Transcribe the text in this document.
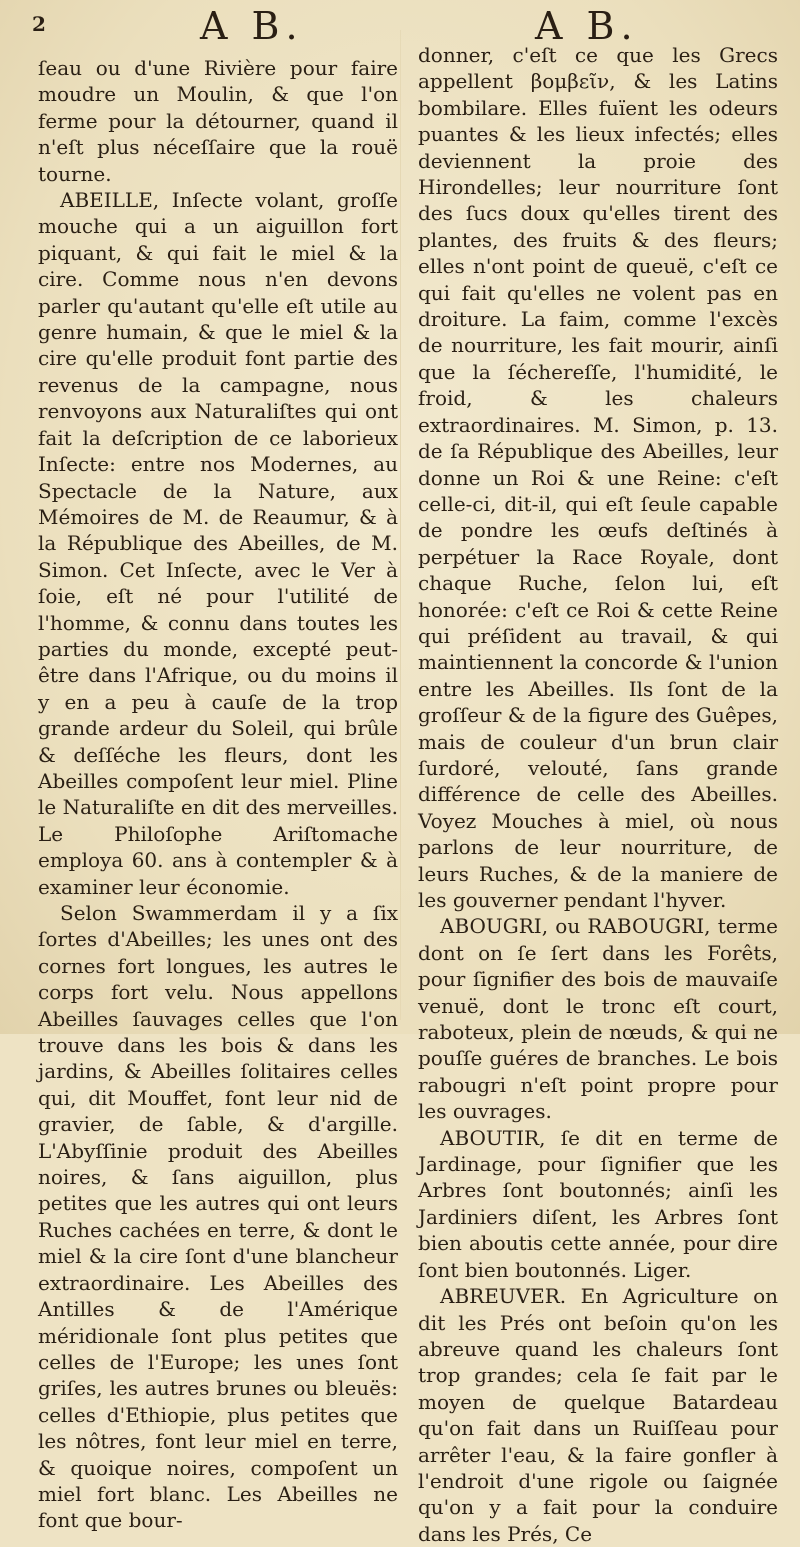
2	A B.	A B.

ſeau ou d'une Rivière pour faire moudre un Moulin, & que l'on ferme pour la détourner, quand il n'eſt plus néceſſaire que la rouë tourne.

ABEILLE, Inſecte volant, groſſe mouche qui a un aiguillon fort piquant, & qui fait le miel & la cire. Comme nous n'en devons parler qu'autant qu'elle eſt utile au genre humain, & que le miel & la cire qu'elle produit font partie des revenus de la campagne, nous renvoyons aux Naturaliſtes qui ont fait la deſcription de ce laborieux Inſecte: entre nos Modernes, au Spectacle de la Nature, aux Mémoires de M. de Reaumur, & à la République des Abeilles, de M. Simon. Cet Inſecte, avec le Ver à ſoie, eſt né pour l'utilité de l'homme, & connu dans toutes les parties du monde, excepté peut-être dans l'Afrique, ou du moins il y en a peu à cauſe de la trop grande ardeur du Soleil, qui brûle & deſſéche les fleurs, dont les Abeilles compoſent leur miel. Pline le Naturaliſte en dit des merveilles. Le Philoſophe Ariſtomache employa 60. ans à contempler & à examiner leur économie.

Selon Swammerdam il y a ſix ſortes d'Abeilles; les unes ont des cornes fort longues, les autres le corps fort velu. Nous appellons Abeilles ſauvages celles que l'on trouve dans les bois & dans les jardins, & Abeilles ſolitaires celles qui, dit Mouffet, font leur nid de gravier, de ſable, & d'argille. L'Abyſſinie produit des Abeilles noires, & ſans aiguillon, plus petites que les autres qui ont leurs Ruches cachées en terre, & dont le miel & la cire ſont d'une blancheur extraordinaire. Les Abeilles des Antilles & de l'Amérique méridionale ſont plus petites que celles de l'Europe; les unes ſont griſes, les autres brunes ou bleuës: celles d'Ethiopie, plus petites que les nôtres, font leur miel en terre, & quoique noires, compoſent un miel fort blanc. Les Abeilles ne font que bour-

donner, c'eſt ce que les Grecs appellent βομβεῖν, & les Latins bombilare. Elles fuïent les odeurs puantes & les lieux infectés; elles deviennent la proie des Hirondelles; leur nourriture ſont des ſucs doux qu'elles tirent des plantes, des fruits & des fleurs; elles n'ont point de queuë, c'eſt ce qui fait qu'elles ne volent pas en droiture. La faim, comme l'excès de nourriture, les fait mourir, ainſi que la ſéchereſſe, l'humidité, le froid, & les chaleurs extraordinaires. M. Simon, p. 13. de ſa République des Abeilles, leur donne un Roi & une Reine: c'eſt celle-ci, dit-il, qui eſt ſeule capable de pondre les œufs deſtinés à perpétuer la Race Royale, dont chaque Ruche, ſelon lui, eſt honorée: c'eſt ce Roi & cette Reine qui préſident au travail, & qui maintiennent la concorde & l'union entre les Abeilles. Ils ſont de la groſſeur & de la figure des Guêpes, mais de couleur d'un brun clair ſurdoré, velouté, ſans grande différence de celle des Abeilles. Voyez Mouches à miel, où nous parlons de leur nourriture, de leurs Ruches, & de la maniere de les gouverner pendant l'hyver.

ABOUGRI, ou RABOUGRI, terme dont on ſe ſert dans les Forêts, pour ſignifier des bois de mauvaiſe venuë, dont le tronc eſt court, raboteux, plein de nœuds, & qui ne pouſſe guéres de branches. Le bois rabougri n'eſt point propre pour les ouvrages.

ABOUTIR, ſe dit en terme de Jardinage, pour ſignifier que les Arbres ſont boutonnés; ainſi les Jardiniers diſent, les Arbres ſont bien aboutis cette année, pour dire ſont bien boutonnés. Liger.

ABREUVER. En Agriculture on dit les Prés ont beſoin qu'on les abreuve quand les chaleurs ſont trop grandes; cela ſe fait par le moyen de quelque Batardeau qu'on fait dans un Ruiſſeau pour arrêter l'eau, & la faire gonfler à l'endroit d'une rigole ou ſaignée qu'on y a fait pour la conduire dans les Prés, Ce
